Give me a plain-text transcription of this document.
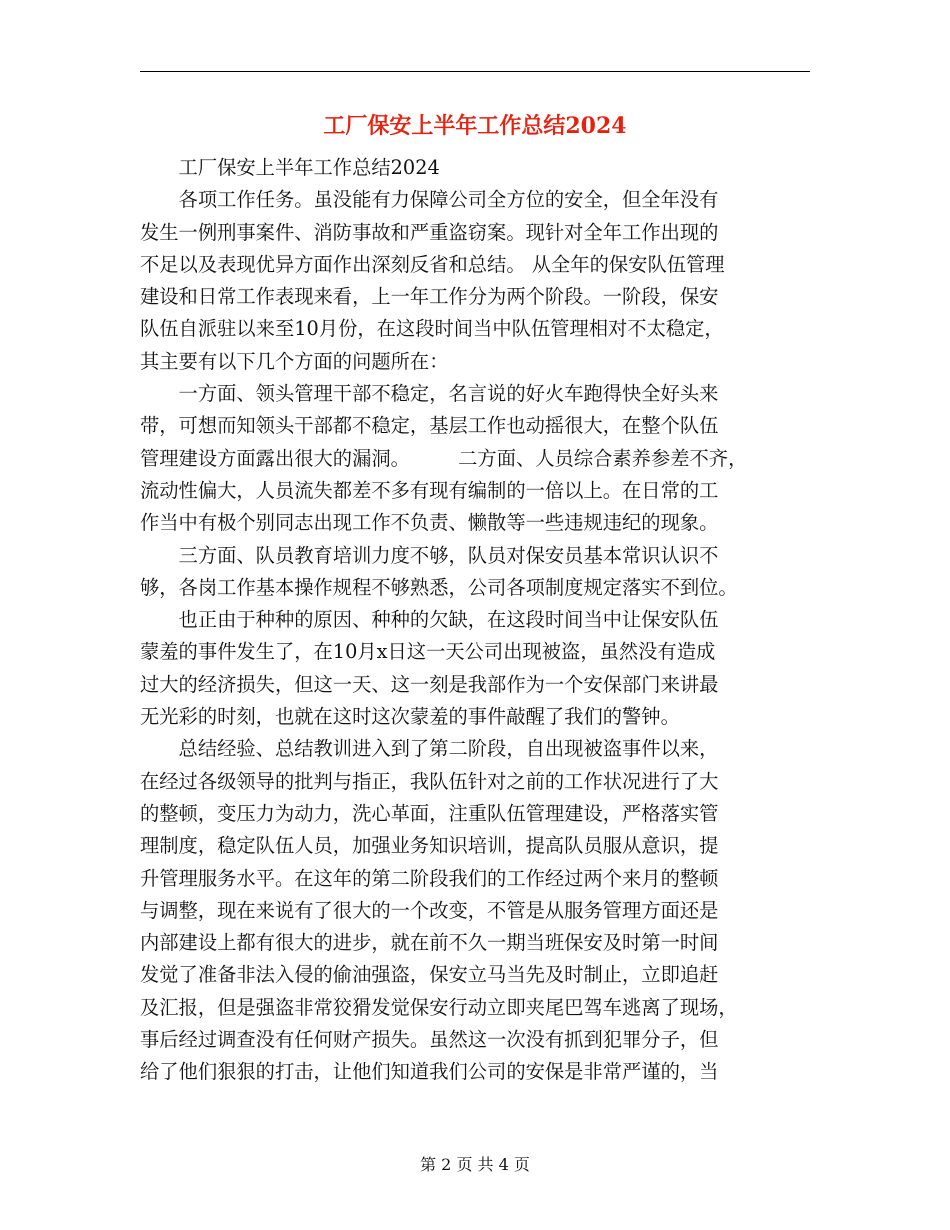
工厂保安上半年工作总结2024
　　工厂保安上半年工作总结2024
　　各项工作任务。虽没能有力保障公司全方位的安全，但全年没有
发生一例刑事案件、消防事故和严重盗窃案。现针对全年工作出现的
不足以及表现优异方面作出深刻反省和总结。 从全年的保安队伍管理
建设和日常工作表现来看，上一年工作分为两个阶段。一阶段，保安
队伍自派驻以来至10月份，在这段时间当中队伍管理相对不太稳定，
其主要有以下几个方面的问题所在：
　　一方面、领头管理干部不稳定，名言说的好火车跑得快全好头来
带，可想而知领头干部都不稳定，基层工作也动摇很大，在整个队伍
管理建设方面露出很大的漏洞。　　　二方面、人员综合素养参差不齐，
流动性偏大，人员流失都差不多有现有编制的一倍以上。在日常的工
作当中有极个别同志出现工作不负责、懒散等一些违规违纪的现象。
　　三方面、队员教育培训力度不够，队员对保安员基本常识认识不
够，各岗工作基本操作规程不够熟悉，公司各项制度规定落实不到位。
　　也正由于种种的原因、种种的欠缺，在这段时间当中让保安队伍
蒙羞的事件发生了，在10月x日这一天公司出现被盗，虽然没有造成
过大的经济损失，但这一天、这一刻是我部作为一个安保部门来讲最
无光彩的时刻，也就在这时这次蒙羞的事件敲醒了我们的警钟。
　　总结经验、总结教训进入到了第二阶段，自出现被盗事件以来，
在经过各级领导的批判与指正，我队伍针对之前的工作状况进行了大
的整顿，变压力为动力，洗心革面，注重队伍管理建设，严格落实管
理制度，稳定队伍人员，加强业务知识培训，提高队员服从意识，提
升管理服务水平。在这年的第二阶段我们的工作经过两个来月的整顿
与调整，现在来说有了很大的一个改变，不管是从服务管理方面还是
内部建设上都有很大的进步，就在前不久一期当班保安及时第一时间
发觉了准备非法入侵的偷油强盗，保安立马当先及时制止，立即追赶
及汇报，但是强盗非常狡猾发觉保安行动立即夹尾巴驾车逃离了现场，
事后经过调查没有任何财产损失。虽然这一次没有抓到犯罪分子，但
给了他们狠狠的打击，让他们知道我们公司的安保是非常严谨的，当
第 2 页 共 4 页
